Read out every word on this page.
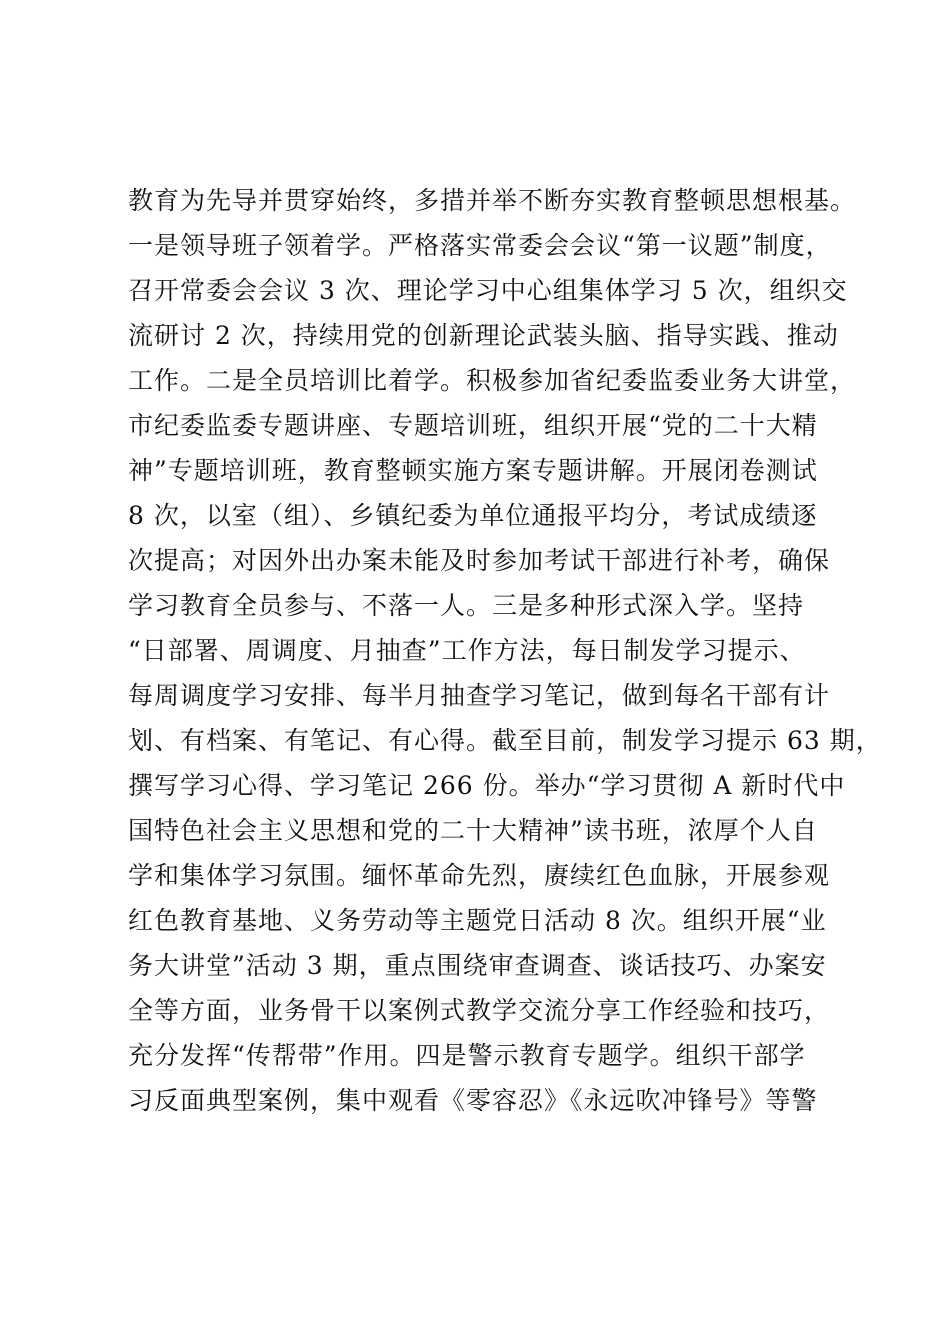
教育为先导并贯穿始终，多措并举不断夯实教育整顿思想根基。
一是领导班子领着学。严格落实常委会会议“第一议题”制度，
召开常委会会议 3 次、理论学习中心组集体学习 5 次，组织交
流研讨 2 次，持续用党的创新理论武装头脑、指导实践、推动
工作。二是全员培训比着学。积极参加省纪委监委业务大讲堂，
市纪委监委专题讲座、专题培训班，组织开展“党的二十大精
神”专题培训班，教育整顿实施方案专题讲解。开展闭卷测试
8 次，以室（组）、乡镇纪委为单位通报平均分，考试成绩逐
次提高；对因外出办案未能及时参加考试干部进行补考，确保
学习教育全员参与、不落一人。三是多种形式深入学。坚持
“日部署、周调度、月抽查”工作方法，每日制发学习提示、
每周调度学习安排、每半月抽查学习笔记，做到每名干部有计
划、有档案、有笔记、有心得。截至目前，制发学习提示 63 期，
撰写学习心得、学习笔记 266 份。举办“学习贯彻 A 新时代中
国特色社会主义思想和党的二十大精神”读书班，浓厚个人自
学和集体学习氛围。缅怀革命先烈，赓续红色血脉，开展参观
红色教育基地、义务劳动等主题党日活动 8 次。组织开展“业
务大讲堂”活动 3 期，重点围绕审查调查、谈话技巧、办案安
全等方面，业务骨干以案例式教学交流分享工作经验和技巧，
充分发挥“传帮带”作用。四是警示教育专题学。组织干部学
习反面典型案例，集中观看《零容忍》《永远吹冲锋号》等警
